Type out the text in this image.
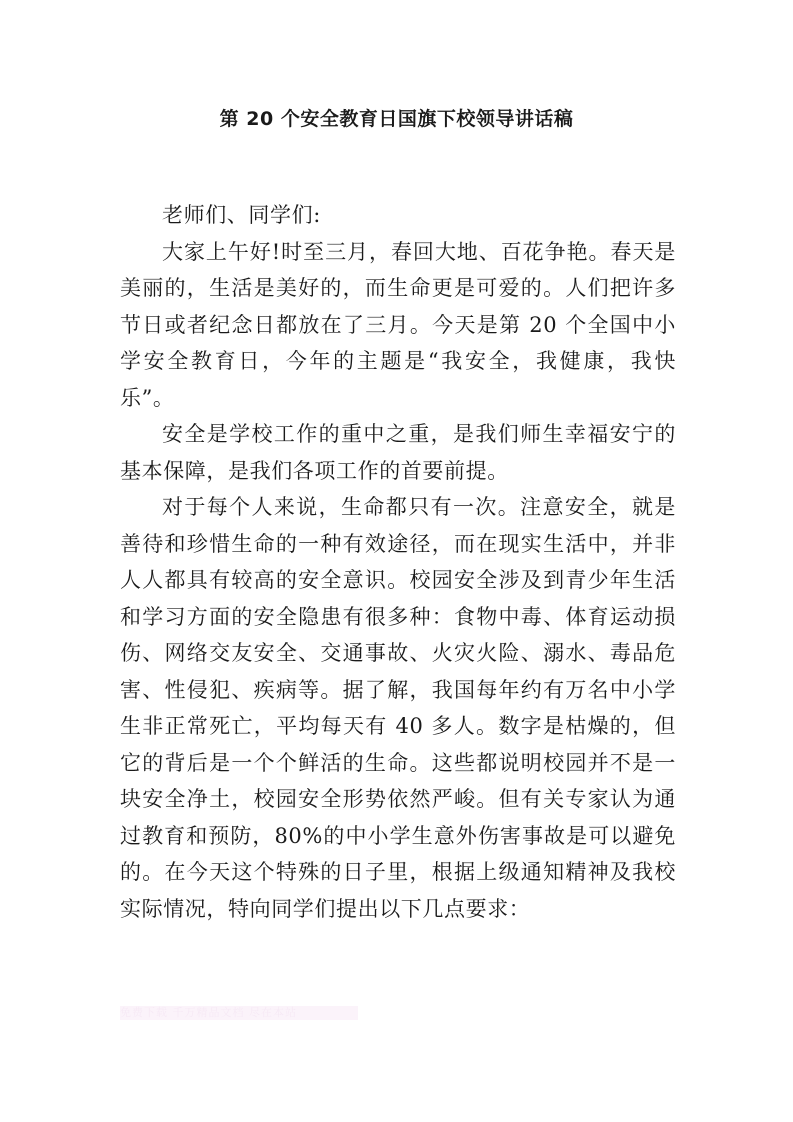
第 20 个安全教育日国旗下校领导讲话稿

老师们、同学们:

大家上午好!时至三月，春回大地、百花争艳。春天是美丽的，生活是美好的，而生命更是可爱的。人们把许多节日或者纪念日都放在了三月。今天是第 20 个全国中小学安全教育日，今年的主题是“我安全，我健康，我快乐”。

安全是学校工作的重中之重，是我们师生幸福安宁的基本保障，是我们各项工作的首要前提。

对于每个人来说，生命都只有一次。注意安全，就是善待和珍惜生命的一种有效途径，而在现实生活中，并非人人都具有较高的安全意识。校园安全涉及到青少年生活和学习方面的安全隐患有很多种：食物中毒、体育运动损伤、网络交友安全、交通事故、火灾火险、溺水、毒品危害、性侵犯、疾病等。据了解，我国每年约有万名中小学生非正常死亡，平均每天有 40 多人。数字是枯燥的，但它的背后是一个个鲜活的生命。这些都说明校园并不是一块安全净土，校园安全形势依然严峻。但有关专家认为通过教育和预防，80%的中小学生意外伤害事故是可以避免的。在今天这个特殊的日子里，根据上级通知精神及我校实际情况，特向同学们提出以下几点要求：

免费下载 千万精品文档 尽在本站
